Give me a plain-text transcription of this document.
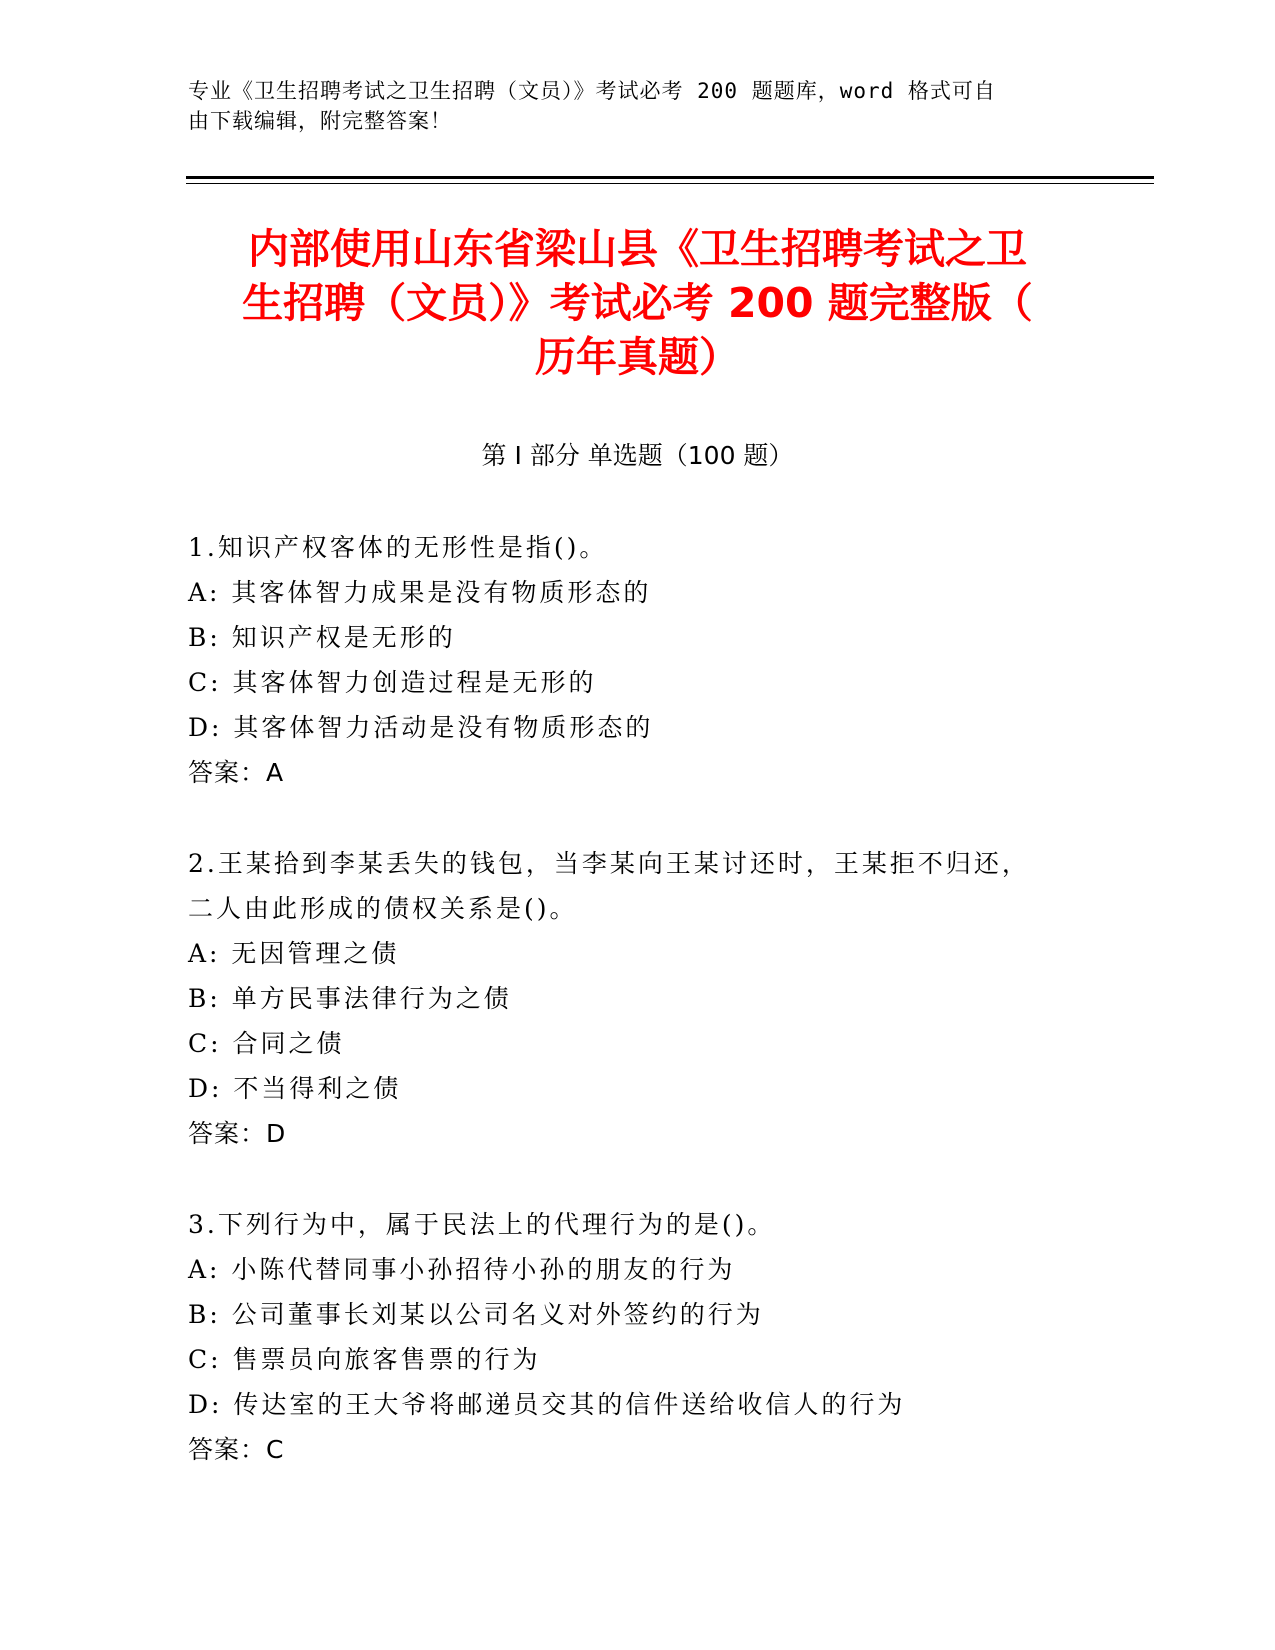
专业《卫生招聘考试之卫生招聘（文员）》考试必考 200 题题库，word 格式可自
由下载编辑，附完整答案！
内部使用山东省梁山县《卫生招聘考试之卫
生招聘（文员）》考试必考 200 题完整版（
历年真题）
第 I 部分 单选题（100 题）
1.知识产权客体的无形性是指()。
A: 其客体智力成果是没有物质形态的
B: 知识产权是无形的
C: 其客体智力创造过程是无形的
D: 其客体智力活动是没有物质形态的
答案：A
2.王某拾到李某丢失的钱包，当李某向王某讨还时，王某拒不归还，
二人由此形成的债权关系是()。
A: 无因管理之债
B: 单方民事法律行为之债
C: 合同之债
D: 不当得利之债
答案：D
3.下列行为中，属于民法上的代理行为的是()。
A: 小陈代替同事小孙招待小孙的朋友的行为
B: 公司董事长刘某以公司名义对外签约的行为
C: 售票员向旅客售票的行为
D: 传达室的王大爷将邮递员交其的信件送给收信人的行为
答案：C
